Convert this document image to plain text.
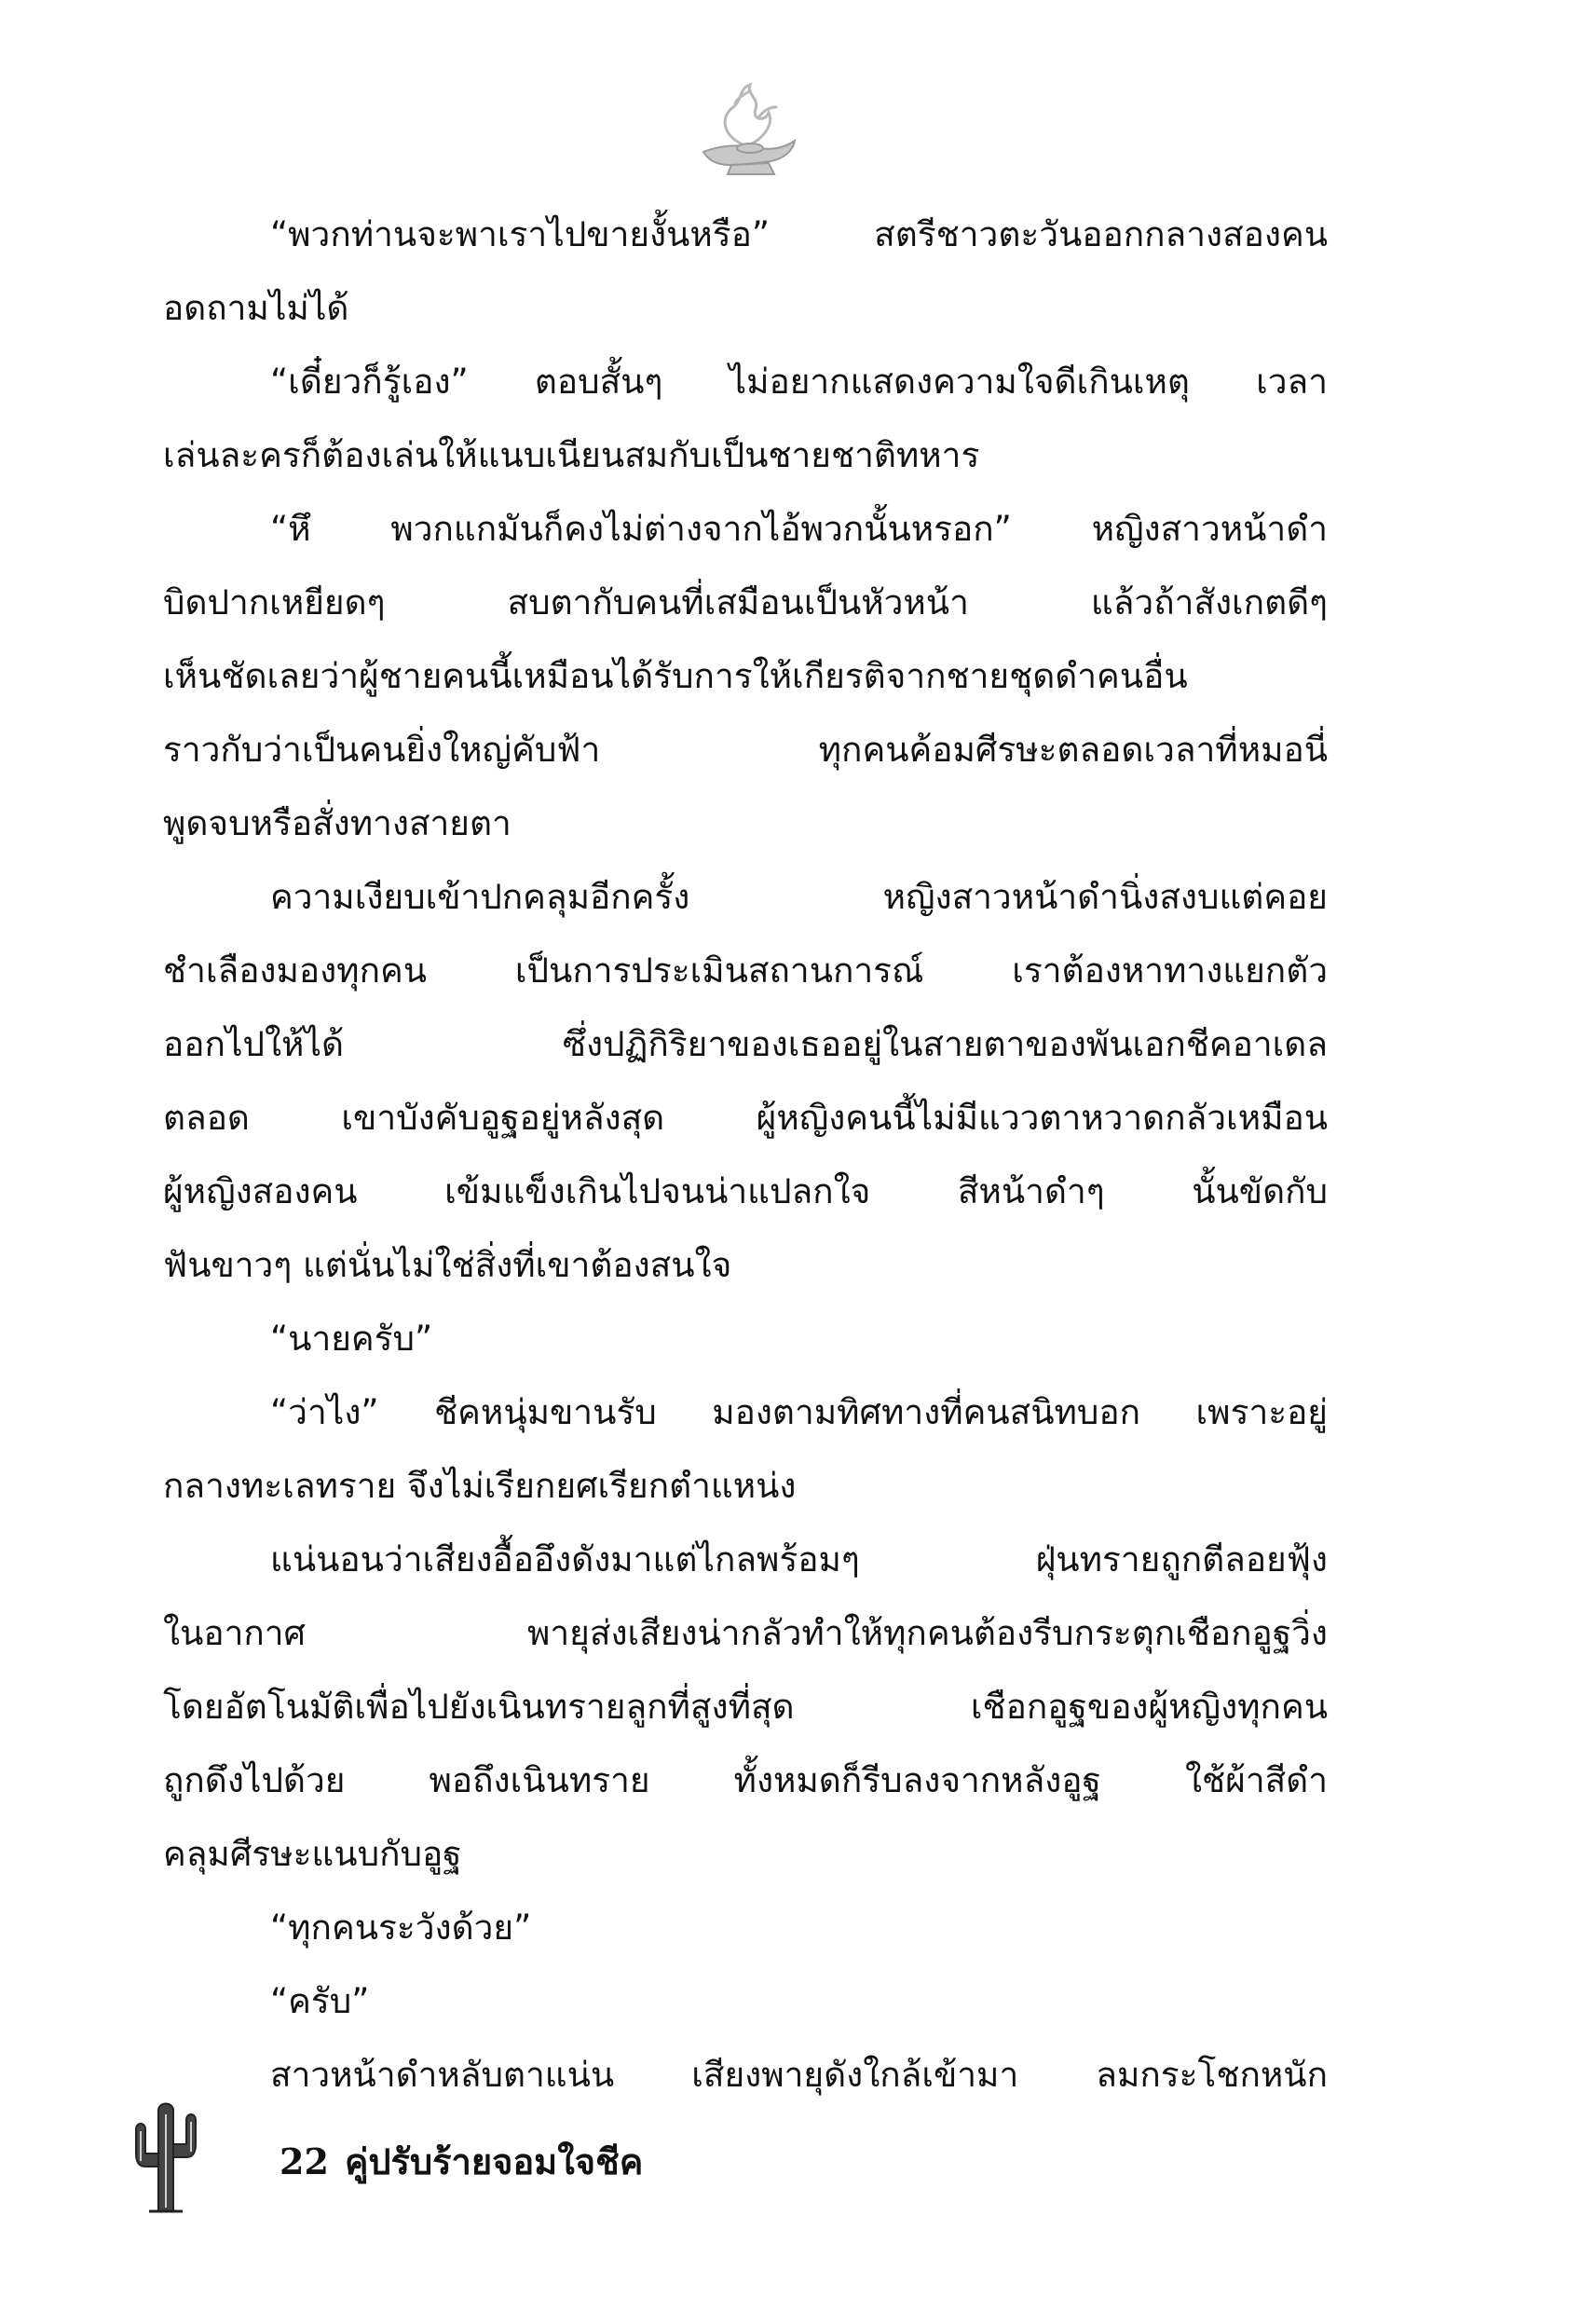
“พวกท่านจะพาเราไปขายงั้นหรือ” สตรีชาวตะวันออกกลางสองคน
อดถามไม่ได้
“เดี๋ยวก็รู้เอง” ตอบสั้นๆ ไม่อยากแสดงความใจดีเกินเหตุ เวลา
เล่นละครก็ต้องเล่นให้แนบเนียนสมกับเป็นชายชาติทหาร
“หึ พวกแกมันก็คงไม่ต่างจากไอ้พวกนั้นหรอก” หญิงสาวหน้าดำ
บิดปากเหยียดๆ สบตากับคนที่เสมือนเป็นหัวหน้า แล้วถ้าสังเกตดีๆ
เห็นชัดเลยว่าผู้ชายคนนี้เหมือนได้รับการให้เกียรติจากชายชุดดำคนอื่น
ราวกับว่าเป็นคนยิ่งใหญ่คับฟ้า ทุกคนค้อมศีรษะตลอดเวลาที่หมอนี่
พูดจบหรือสั่งทางสายตา
ความเงียบเข้าปกคลุมอีกครั้ง หญิงสาวหน้าดำนิ่งสงบแต่คอย
ชำเลืองมองทุกคน เป็นการประเมินสถานการณ์ เราต้องหาทางแยกตัว
ออกไปให้ได้ ซึ่งปฏิกิริยาของเธออยู่ในสายตาของพันเอกชีคอาเดล
ตลอด เขาบังคับอูฐอยู่หลังสุด ผู้หญิงคนนี้ไม่มีแววตาหวาดกลัวเหมือน
ผู้หญิงสองคน เข้มแข็งเกินไปจนน่าแปลกใจ สีหน้าดำๆ นั้นขัดกับ
ฟันขาวๆ แต่นั่นไม่ใช่สิ่งที่เขาต้องสนใจ
“นายครับ”
“ว่าไง” ชีคหนุ่มขานรับ มองตามทิศทางที่คนสนิทบอก เพราะอยู่
กลางทะเลทราย จึงไม่เรียกยศเรียกตำแหน่ง
แน่นอนว่าเสียงอื้ออึงดังมาแต่ไกลพร้อมๆ ฝุ่นทรายถูกตีลอยฟุ้ง
ในอากาศ พายุส่งเสียงน่ากลัวทำให้ทุกคนต้องรีบกระตุกเชือกอูฐวิ่ง
โดยอัตโนมัติเพื่อไปยังเนินทรายลูกที่สูงที่สุด เชือกอูฐของผู้หญิงทุกคน
ถูกดึงไปด้วย พอถึงเนินทราย ทั้งหมดก็รีบลงจากหลังอูฐ ใช้ผ้าสีดำ
คลุมศีรษะแนบกับอูฐ
“ทุกคนระวังด้วย”
“ครับ”
สาวหน้าดำหลับตาแน่น เสียงพายุดังใกล้เข้ามา ลมกระโชกหนัก
22 คู่ปรับร้ายจอมใจชีค
